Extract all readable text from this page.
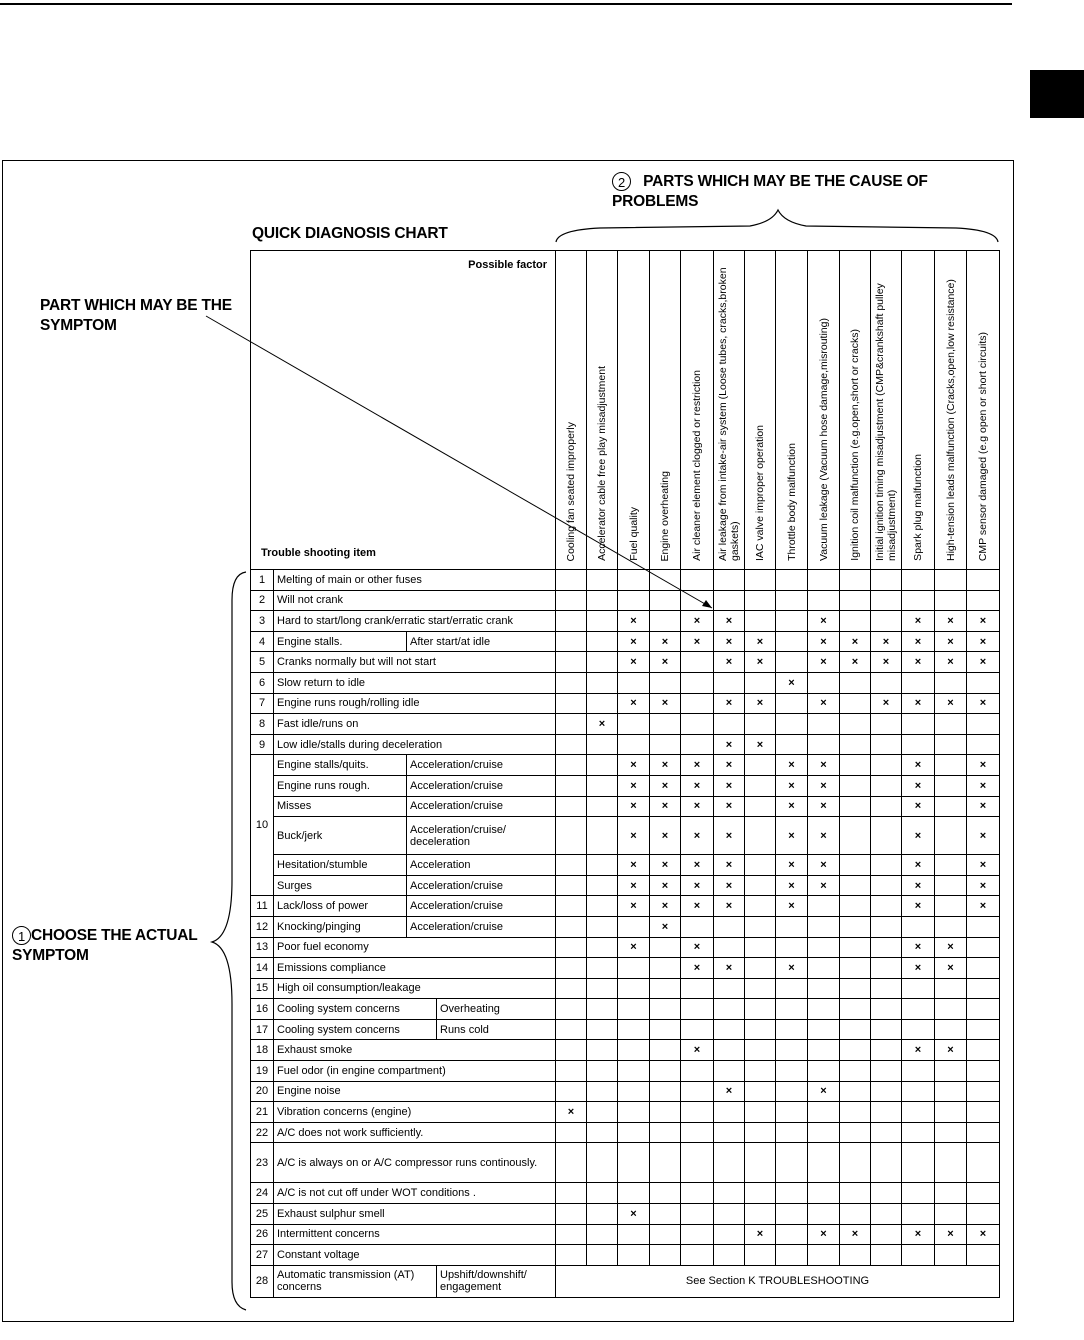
2 PARTS WHICH MAY BE THE CAUSE OF PROBLEMS
QUICK DIAGNOSIS CHART
PART WHICH MAY BE THE SYMPTOM
1 CHOOSE THE ACTUAL SYMPTOM
Possible factor
Trouble shooting item				Cooling fan seated improperly	Accelerator cable free play misadjustment	Fuel quality	Engine overheating	Air cleaner element clogged or restriction	Air leakage from intake-air system (Loose tubes, cracks,broken gaskets)	IAC valve improper operation	Throttle body malfunction	Vacuum leakage (Vacuum hose damage,misrouting)	Ignition coil malfunction (e.g.open,short or cracks)	Initial ignition timing misadjustment (CMP&crankshaft pulley misadjustment)	Spark plug malfunction	High-tension leads malfunction (Cracks,open,low resistance)	CMP sensor damaged (e.g open or short circuits)

1	Melting of main or other fuses																
2	Will not crank																
3	Hard to start/long crank/erratic start/erratic crank					×		×	×			×			×	×	×
4	Engine stalls.	After start/at idle				×	×	×	×	×		×	×	×	×	×	×
5	Cranks normally but will not start					×	×		×	×		×	×	×	×	×	×
6	Slow return to idle										×						
7	Engine runs rough/rolling idle					×	×		×	×		×		×	×	×	×
8	Fast idle/runs on				×												
9	Low idle/stalls during deceleration								×	×							
10	Engine stalls/quits.	Acceleration/cruise				×	×	×	×		×	×			×		×
	Engine runs rough.	Acceleration/cruise				×	×	×	×		×	×			×		×
	Misses	Acceleration/cruise				×	×	×	×		×	×			×		×
	Buck/jerk	Acceleration/cruise/ deceleration				×	×	×	×		×	×			×		×
	Hesitation/stumble	Acceleration				×	×	×	×		×	×			×		×
	Surges	Acceleration/cruise				×	×	×	×		×	×			×		×
11	Lack/loss of power	Acceleration/cruise				×	×	×	×		×				×		×
12	Knocking/pinging	Acceleration/cruise					×										
13	Poor fuel economy					×		×							×	×	
14	Emissions compliance							×	×		×				×	×	
15	High oil consumption/leakage																
16	Cooling system concerns		Overheating														
17	Cooling system concerns		Runs cold														
18	Exhaust smoke							×							×	×	
19	Fuel odor (in engine compartment)																
20	Engine noise								×			×					
21	Vibration concerns (engine)			×													
22	A/C does not work sufficiently.																
23	A/C is always on or A/C compressor runs continously.																
24	A/C is not cut off under WOT conditions .																
25	Exhaust sulphur smell					×											
26	Intermittent concerns									×		×	×		×	×	×
27	Constant voltage																
28	Automatic transmission (AT) concerns		Upshift/downshift/ engagement	See Section K TROUBLESHOOTING													
